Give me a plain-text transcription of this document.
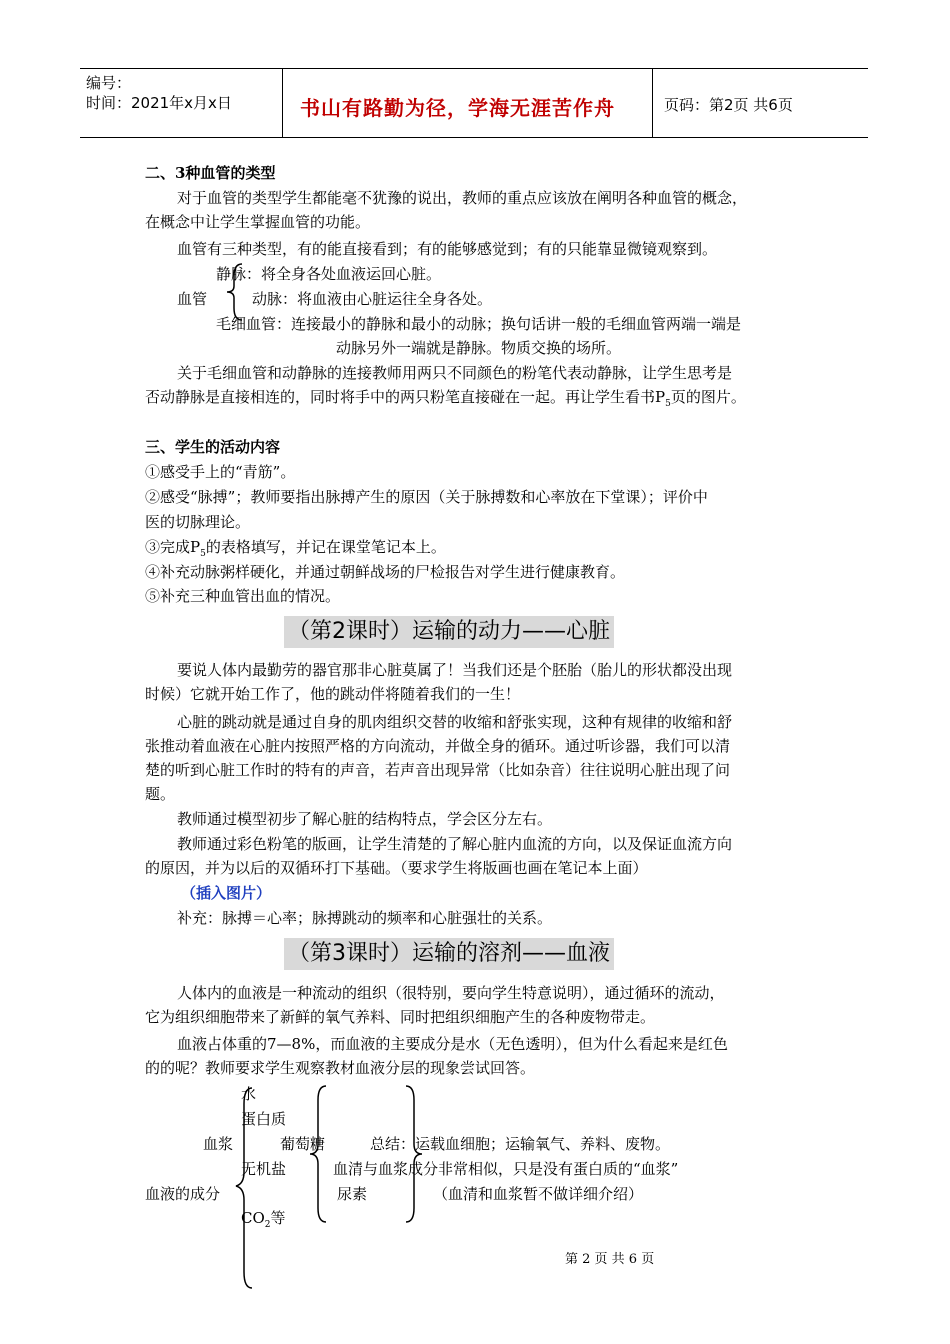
编号：
时间：2021年x月x日	书山有路勤为径，学海无涯苦作舟	页码：第2页 共6页
二、3种血管的类型
对于血管的类型学生都能毫不犹豫的说出，教师的重点应该放在阐明各种血管的概念，
在概念中让学生掌握血管的功能。
血管有三种类型，有的能直接看到；有的能够感觉到；有的只能靠显微镜观察到。
静脉：将全身各处血液运回心脏。
血管	动脉：将血液由心脏运往全身各处。
毛细血管：连接最小的静脉和最小的动脉；换句话讲一般的毛细血管两端一端是
动脉另外一端就是静脉。物质交换的场所。
关于毛细血管和动静脉的连接教师用两只不同颜色的粉笔代表动静脉，让学生思考是
否动静脉是直接相连的，同时将手中的两只粉笔直接碰在一起。再让学生看书$P_5$页的图片。
三、学生的活动内容
①感受手上的“青筋”。
②感受“脉搏”；教师要指出脉搏产生的原因（关于脉搏数和心率放在下堂课）；评价中
医的切脉理论。
③完成$P_5$的表格填写，并记在课堂笔记本上。
④补充动脉粥样硬化，并通过朝鲜战场的尸检报告对学生进行健康教育。
⑤补充三种血管出血的情况。
（第2课时）运输的动力——心脏
要说人体内最勤劳的器官那非心脏莫属了！当我们还是个胚胎（胎儿的形状都没出现
时候）它就开始工作了，他的跳动伴将随着我们的一生！
心脏的跳动就是通过自身的肌肉组织交替的收缩和舒张实现，这种有规律的收缩和舒
张推动着血液在心脏内按照严格的方向流动，并做全身的循环。通过听诊器，我们可以清
楚的听到心脏工作时的特有的声音，若声音出现异常（比如杂音）往往说明心脏出现了问
题。
教师通过模型初步了解心脏的结构特点，学会区分左右。
教师通过彩色粉笔的版画，让学生清楚的了解心脏内血流的方向，以及保证血流方向
的原因，并为以后的双循环打下基础。（要求学生将版画也画在笔记本上面）
（插入图片）
补充：脉搏＝心率；脉搏跳动的频率和心脏强壮的关系。
（第3课时）运输的溶剂——血液
人体内的血液是一种流动的组织（很特别，要向学生特意说明），通过循环的流动，
它为组织细胞带来了新鲜的氧气养料、同时把组织细胞产生的各种废物带走。
血液占体重的7—8%，而血液的主要成分是水（无色透明），但为什么看起来是红色
的的呢？教师要求学生观察教材血液分层的现象尝试回答。
水
蛋白质
血浆	葡萄糖	总结：运载血细胞；运输氧气、养料、废物。
无机盐	血清与血浆成分非常相似，只是没有蛋白质的“血浆”
血液的成分	尿素	（血清和血浆暂不做详细介绍）
$CO_2$等
第 2 页 共 6 页
